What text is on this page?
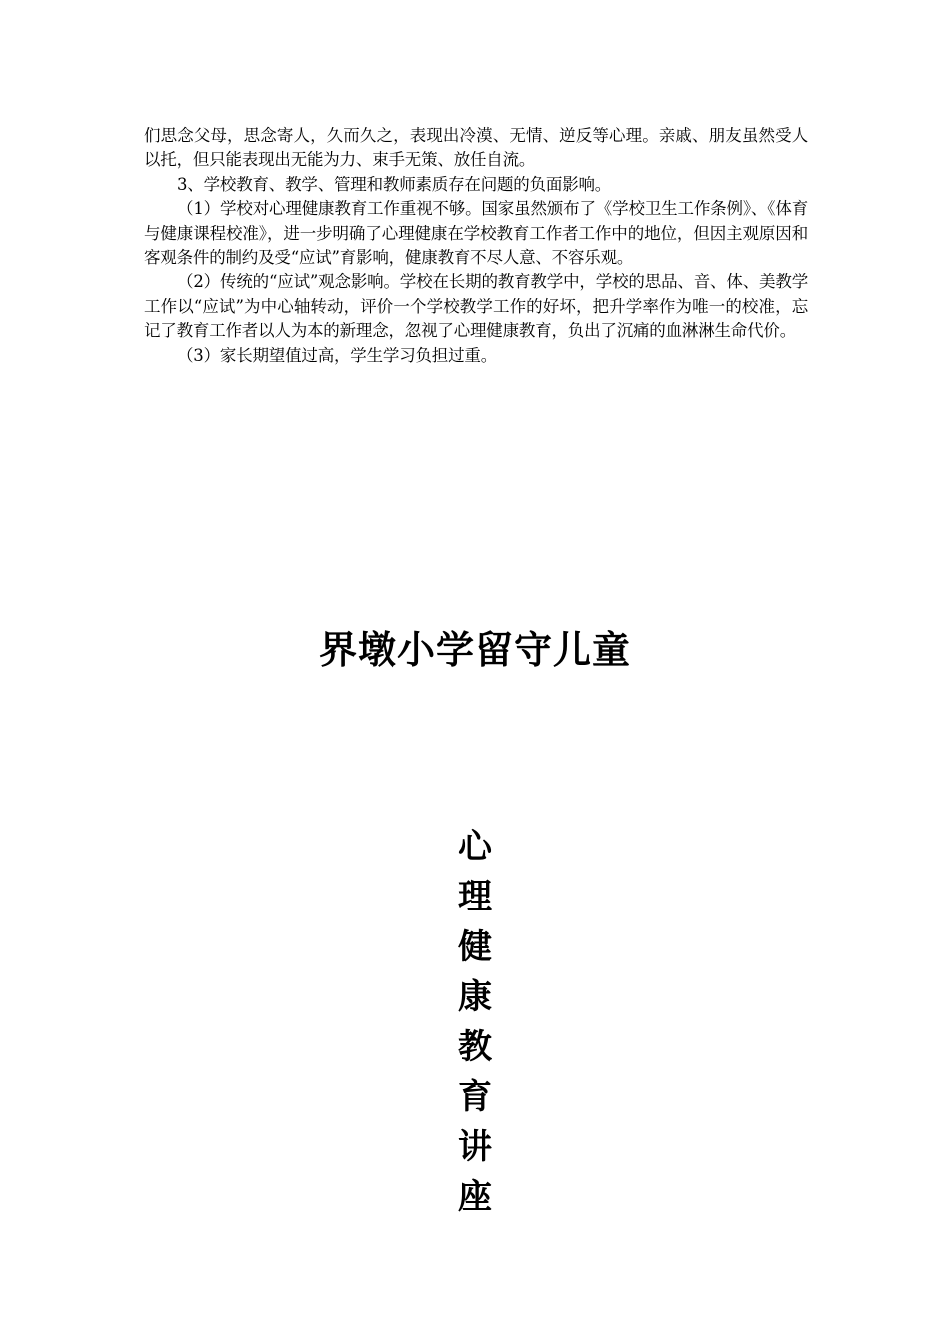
们思念父母，思念寄人，久而久之，表现出冷漠、无情、逆反等心理。亲戚、朋友虽然受人以托，但只能表现出无能为力、束手无策、放任自流。

3、学校教育、教学、管理和教师素质存在问题的负面影响。

（1）学校对心理健康教育工作重视不够。国家虽然颁布了《学校卫生工作条例》、《体育与健康课程校准》，进一步明确了心理健康在学校教育工作者工作中的地位，但因主观原因和客观条件的制约及受“应试”育影响，健康教育不尽人意、不容乐观。

（2）传统的“应试”观念影响。学校在长期的教育教学中，学校的思品、音、体、美教学工作以“应试”为中心轴转动，评价一个学校教学工作的好坏，把升学率作为唯一的校准，忘记了教育工作者以人为本的新理念，忽视了心理健康教育，负出了沉痛的血淋淋生命代价。

（3）家长期望值过高，学生学习负担过重。

界墩小学留守儿童
心
理
健
康
教
育
讲
座
